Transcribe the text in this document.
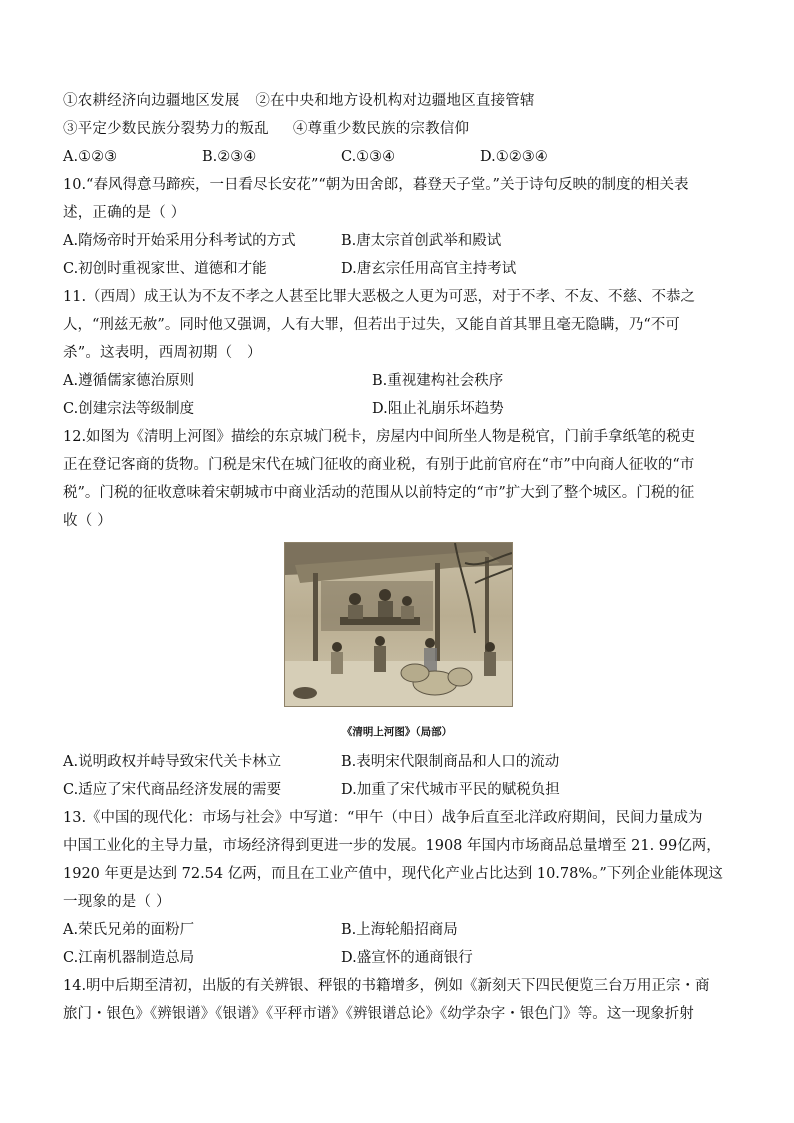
①农耕经济向边疆地区发展 ②在中央和地方设机构对边疆地区直接管辖
③平定少数民族分裂势力的叛乱 ④尊重少数民族的宗教信仰
A.①②③	B.②③④	C.①③④	D.①②③④
10.“春风得意马蹄疾，一日看尽长安花”“朝为田舍郎，暮登天子堂。”关于诗句反映的制度的相关表
述，正确的是（ ）
A.隋炀帝时开始采用分科考试的方式	B.唐太宗首创武举和殿试
C.初创时重视家世、道德和才能	D.唐玄宗任用高官主持考试
11.（西周）成王认为不友不孝之人甚至比罪大恶极之人更为可恶，对于不孝、不友、不慈、不恭之
人，“刑兹无赦”。同时他又强调，人有大罪，但若出于过失，又能自首其罪且毫无隐瞒，乃“不可
杀”。这表明，西周初期（　）
A.遵循儒家德治原则	B.重视建构社会秩序
C.创建宗法等级制度	D.阻止礼崩乐坏趋势
12.如图为《清明上河图》描绘的东京城门税卡，房屋内中间所坐人物是税官，门前手拿纸笔的税吏
正在登记客商的货物。门税是宋代在城门征收的商业税，有别于此前官府在“市”中向商人征收的“市
税”。门税的征收意味着宋朝城市中商业活动的范围从以前特定的“市”扩大到了整个城区。门税的征
收（ ）
《清明上河图》（局部）
A.说明政权并峙导致宋代关卡林立	B.表明宋代限制商品和人口的流动
C.适应了宋代商品经济发展的需要	D.加重了宋代城市平民的赋税负担
13.《中国的现代化：市场与社会》中写道：“甲午（中日）战争后直至北洋政府期间，民间力量成为
中国工业化的主导力量，市场经济得到更进一步的发展。1908 年国内市场商品总量增至 21. 99亿两，
1920 年更是达到 72.54 亿两，而且在工业产值中，现代化产业占比达到 10.78%。”下列企业能体现这
一现象的是（ ）
A.荣氏兄弟的面粉厂	B.上海轮船招商局
C.江南机器制造总局	D.盛宣怀的通商银行
14.明中后期至清初，出版的有关辨银、秤银的书籍增多，例如《新刻天下四民便览三台万用正宗・商
旅门・银色》《辨银谱》《银谱》《平秤市谱》《辨银谱总论》《幼学杂字・银色门》等。这一现象折射
